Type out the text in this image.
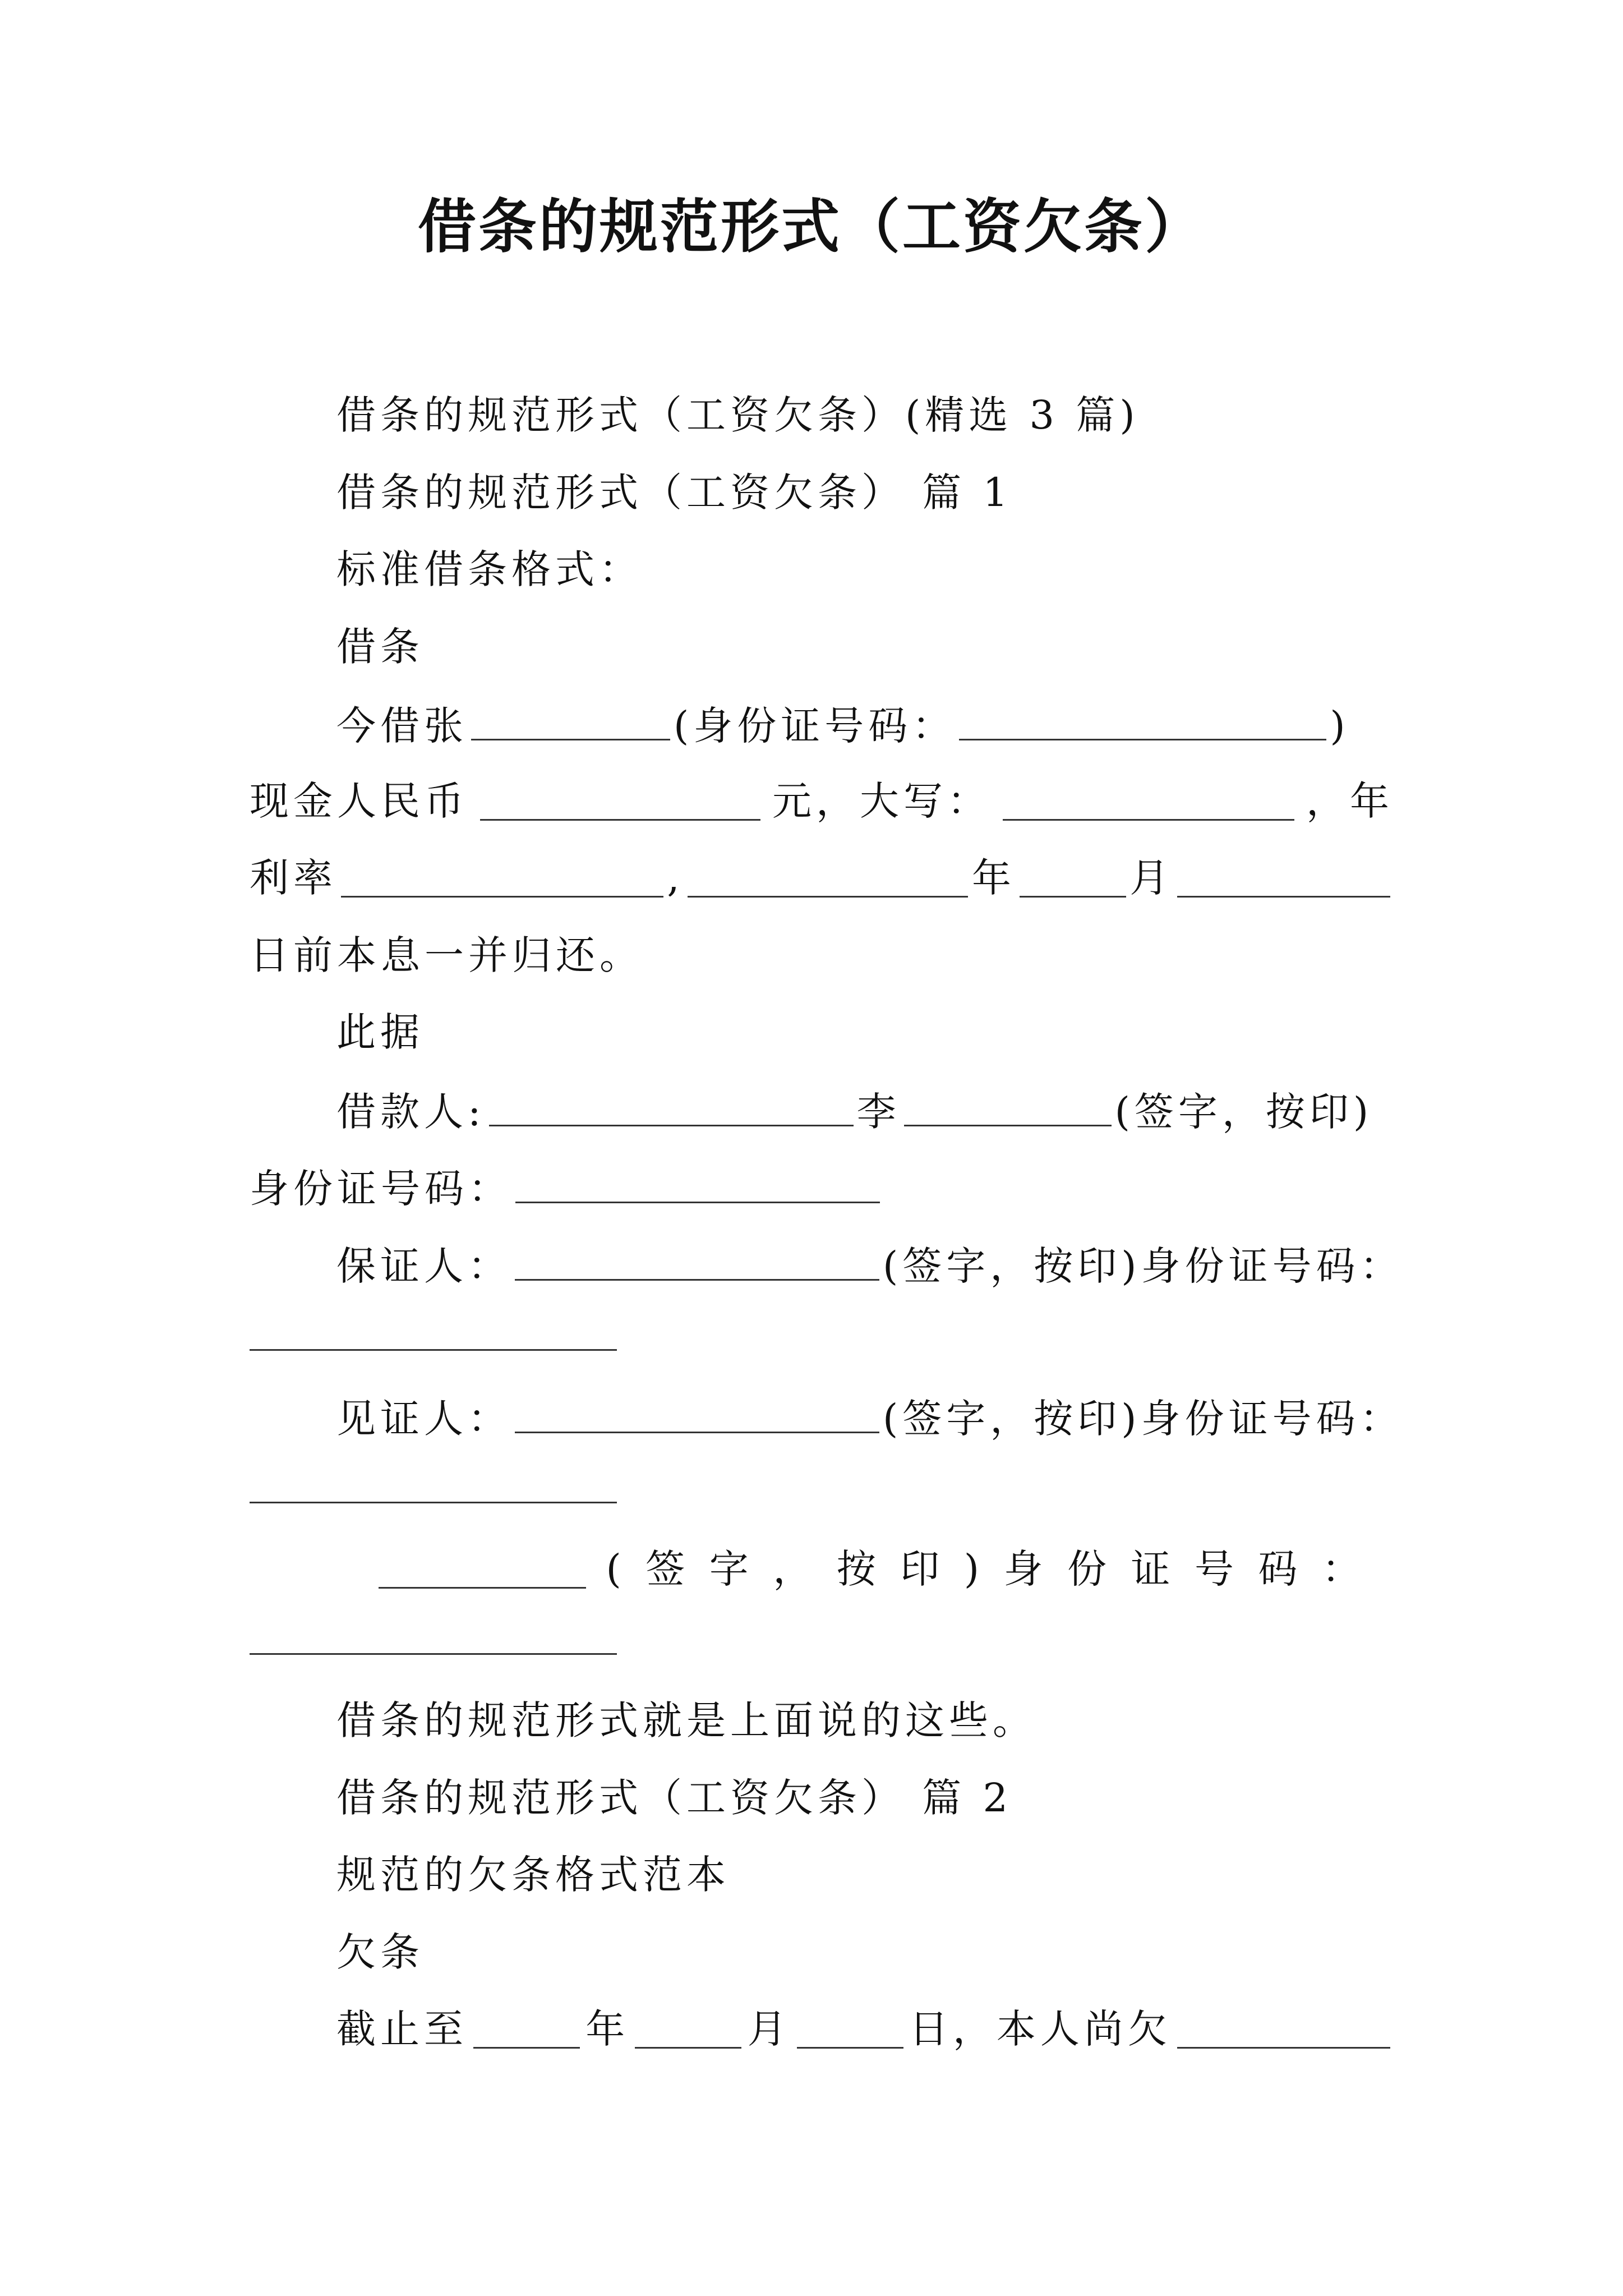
借条的规范形式（工资欠条）
借条的规范形式（工资欠条）(精选 3 篇)
借条的规范形式（工资欠条） 篇 1
标准借条格式：
借条
今借张	(身份证号码：	)
现金人民币	元，大写：	，年
利率	,	年	月
日前本息一并归还。
此据
借款人:	李	(签字，按印)
身份证号码：
保证人：	(签字，按印)身份证号码：
见证人：	(签字，按印)身份证号码：
( 签 字 ， 按 印 ) 身 份 证 号 码 ：
借条的规范形式就是上面说的这些。
借条的规范形式（工资欠条） 篇 2
规范的欠条格式范本
欠条
截止至	年	月	日，本人尚欠
